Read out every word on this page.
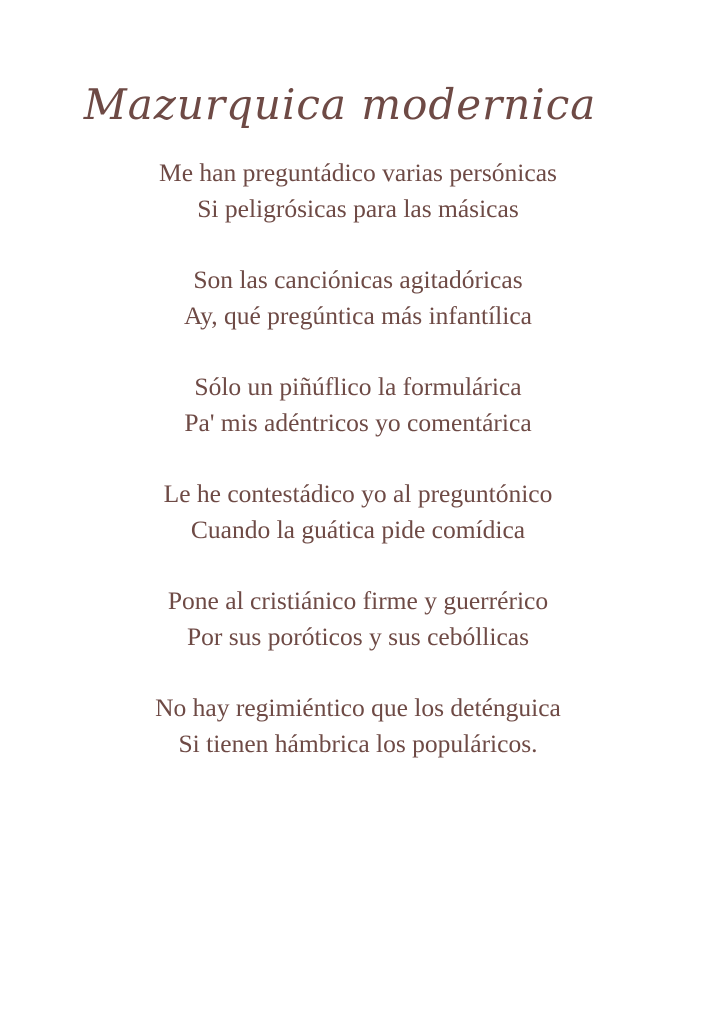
Mazurquica modernica
Me han preguntádico varias persónicas
Si peligrósicas para las másicas
Son las canciónicas agitadóricas
Ay, qué pregúntica más infantílica
Sólo un piñúflico la formulárica
Pa' mis adéntricos yo comentárica
Le he contestádico yo al preguntónico
Cuando la guática pide comídica
Pone al cristiánico firme y guerrérico
Por sus poróticos y sus cebóllicas
No hay regimiéntico que los deténguica
Si tienen hámbrica los populáricos.
